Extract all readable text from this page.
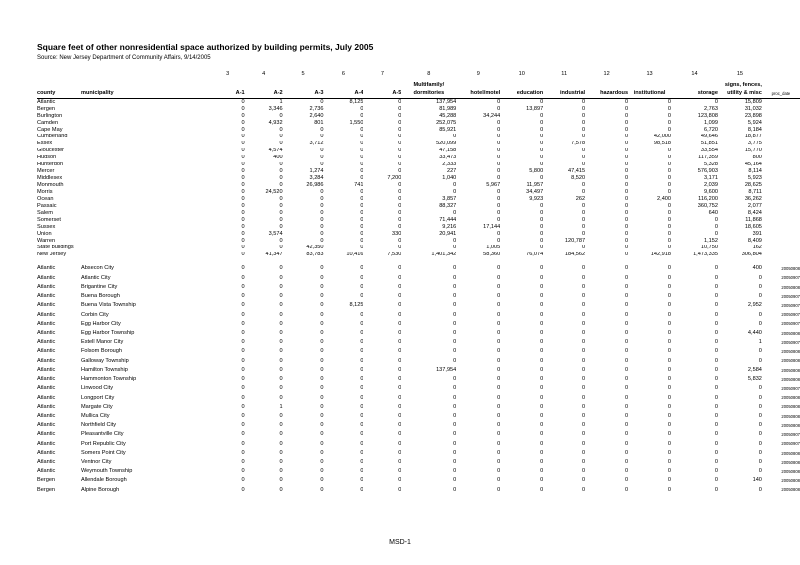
Square feet of other nonresidential space authorized by building permits, July 2005
Source: New Jersey Department of Community Affairs, 9/14/2005
		3	4	5	6	7	8	9	10	11	12	13	14	15	

							Multifamily/							signs, fences,	
county	municipality	A-1	A-2	A-3	A-4	A-5	dormitories	hotel/motel	education	industrial	hazardous	institutional	storage	utility & misc	proc_date
Atlantic		0	1	0	8,125	0	137,954	0	0	0	0	0	0	15,809	
Bergen		0	3,346	2,736	0	0	81,989	0	13,897	0	0	0	2,763	31,032	
Burlington		0	0	2,640	0	0	45,288	34,244	0	0	0	0	123,808	23,898	
Camden		0	4,932	801	1,550	0	252,075	0	0	0	0	0	1,099	5,924	
Cape May		0	0	0	0	0	85,921	0	0	0	0	0	6,720	8,184	
Cumberland		0	0	0	0	0	0	0	0	0	0	42,000	49,646	18,877	
Essex		0	0	3,712	0	0	520,099	0	0	7,578	0	98,518	51,851	3,775	
Gloucester		0	4,574	0	0	0	47,158	0	0	0	0	0	33,554	15,770	
Hudson		0	400	0	0	0	33,473	0	0	0	0	0	117,359	800	
Hunterdon		0	0	0	0	0	2,333	0	0	0	0	0	5,328	45,164	
Mercer		0	0	1,274	0	0	227	0	5,800	47,415	0	0	576,903	8,114	
Middlesex		0	0	3,284	0	7,200	1,040	0	0	8,520	0	0	3,171	5,923	
Monmouth		0	0	26,986	741	0	0	5,967	11,957	0	0	0	2,039	28,625	
Morris		0	24,520	0	0	0	0	0	34,497	0	0	0	9,600	8,711	
Ocean		0	0	0	0	0	3,857	0	9,923	262	0	2,400	116,200	36,262	
Passaic		0	0	0	0	0	88,327	0	0	0	0	0	360,752	2,077	
Salem		0	0	0	0	0	0	0	0	0	0	0	640	8,424	
Somerset		0	0	0	0	0	71,444	0	0	0	0	0	0	11,868	
Sussex		0	0	0	0	0	9,216	17,144	0	0	0	0	0	18,605	
Union		0	3,574	0	0	330	20,941	0	0	0	0	0	0	391	
Warren		0	0	0	0	0	0	0	0	120,787	0	0	1,152	8,409	
State buildings		0	0	42,350	0	0	0	1,005	0	0	0	0	10,750	162	
New Jersey		0	41,347	83,783	10,416	7,530	1,401,342	58,360	76,074	184,562	0	142,918	1,473,335	306,804	

Atlantic	Absecon City	0	0	0	0	0	0	0	0	0	0	0	0	400	20050808
Atlantic	Atlantic City	0	0	0	0	0	0	0	0	0	0	0	0	0	20050907
Atlantic	Brigantine City	0	0	0	0	0	0	0	0	0	0	0	0	0	20050808
Atlantic	Buena Borough	0	0	0	0	0	0	0	0	0	0	0	0	0	20050907
Atlantic	Buena Vista Township	0	0	0	8,125	0	0	0	0	0	0	0	0	2,952	20050907
Atlantic	Corbin City	0	0	0	0	0	0	0	0	0	0	0	0	0	20050907
Atlantic	Egg Harbor City	0	0	0	0	0	0	0	0	0	0	0	0	0	20050907
Atlantic	Egg Harbor Township	0	0	0	0	0	0	0	0	0	0	0	0	4,440	20050808
Atlantic	Estell Manor City	0	0	0	0	0	0	0	0	0	0	0	0	1	20050907
Atlantic	Folsom Borough	0	0	0	0	0	0	0	0	0	0	0	0	0	20050808
Atlantic	Galloway Township	0	0	0	0	0	0	0	0	0	0	0	0	0	20050808
Atlantic	Hamilton Township	0	0	0	0	0	137,954	0	0	0	0	0	0	2,584	20050808
Atlantic	Hammonton Township	0	0	0	0	0	0	0	0	0	0	0	0	5,832	20050808
Atlantic	Linwood City	0	0	0	0	0	0	0	0	0	0	0	0	0	20050907
Atlantic	Longport City	0	0	0	0	0	0	0	0	0	0	0	0	0	20050808
Atlantic	Margate City	0	1	0	0	0	0	0	0	0	0	0	0	0	20050808
Atlantic	Mullica City	0	0	0	0	0	0	0	0	0	0	0	0	0	20050808
Atlantic	Northfield City	0	0	0	0	0	0	0	0	0	0	0	0	0	20050808
Atlantic	Pleasantville City	0	0	0	0	0	0	0	0	0	0	0	0	0	20050907
Atlantic	Port Republic City	0	0	0	0	0	0	0	0	0	0	0	0	0	20050907
Atlantic	Somers Point City	0	0	0	0	0	0	0	0	0	0	0	0	0	20050808
Atlantic	Ventnor City	0	0	0	0	0	0	0	0	0	0	0	0	0	20050808
Atlantic	Weymouth Township	0	0	0	0	0	0	0	0	0	0	0	0	0	20050808
Bergen	Allendale Borough	0	0	0	0	0	0	0	0	0	0	0	0	140	20050808
Bergen	Alpine Borough	0	0	0	0	0	0	0	0	0	0	0	0	0	20050808
MSD-1
